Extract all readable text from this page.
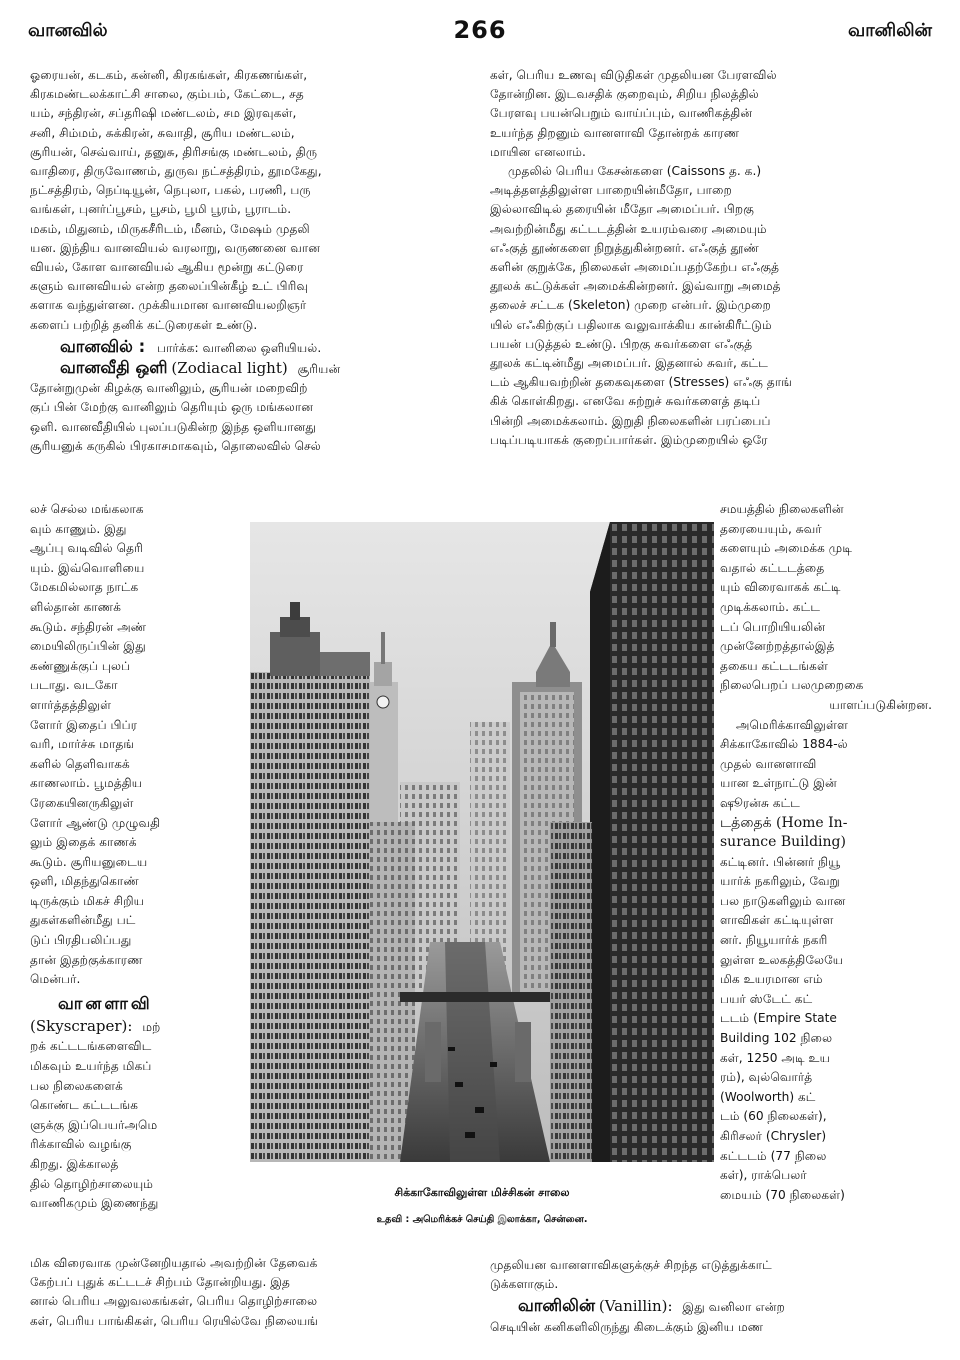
வானவில்	266	வானிலின்
ஓரையன், கடகம், கன்னி, கிரகங்கள், கிரகணங்கள்,
கிரகமண்டலக்காட்சி சாலை, கும்பம், கேட்டை, சத
யம், சந்திரன், சப்தரிஷி மண்டலம், சம இரவுகள்,
சனி, சிம்மம், சுக்கிரன், சுவாதி, சூரிய மண்டலம்,
சூரியன், செவ்வாய், தனுசு, திரிசங்கு மண்டலம், திரு
வாதிரை, திருவோணம், துருவ நட்சத்திரம், தூமகேது,
நட்சத்திரம், நெப்டியூன், நெபுலா, பகல், பரணி, பரு
வங்கள், புனர்ப்பூசம், பூசம், பூமி பூரம், பூராடம்.
மகம், மிதுனம், மிருகசீரிடம், மீனம், மேஷம் முதலி
யன. இந்திய வானவியல் வரலாறு, வருணனை வான
வியல், கோள வானவியல் ஆகிய மூன்று கட்டுரை
களும் வானவியல் என்ற தலைப்பின்கீழ் உட் பிரிவு
களாக வந்துள்ளன. முக்கியமான வானவியலறிஞர்
களைப் பற்றித் தனிக் கட்டுரைகள் உண்டு.
வானவில் : பார்க்க: வானிலை ஒளியியல்.
வானவீதி ஒளி (Zodiacal light) சூரியன்
தோன்றுமுன் கிழக்கு வானிலும், சூரியன் மறைவிற்
குப் பின் மேற்கு வானிலும் தெரியும் ஒரு மங்கலான
ஒளி. வானவீதியில் புலப்படுகின்ற இந்த ஒளியானது
சூரியனுக் கருகில் பிரகாசமாகவும், தொலைவில் செல்
லச் செல்ல மங்கலாக
வும் காணும். இது
ஆப்பு வடிவில் தெரி
யும். இவ்வொளியை
மேகமில்லாத நாட்க
ளில்தான் காணக்
கூடும். சந்திரன் அண்
மையிலிருப்பின் இது
கண்ணுக்குப் புலப்
படாது. வடகோ
ளார்த்தத்திலுள்
ளோர் இதைப் பிப்ர
வரி, மார்ச்சு மாதங்
களில் தெளிவாகக்
காணலாம். பூமத்திய
ரேகையினருகிலுள்
ளோர் ஆண்டு முழுவதி
லும் இதைக் காணக்
கூடும். சூரியனுடைய
ஒளி, மிதந்துகொண்
டிருக்கும் மிகச் சிறிய
துகள்களின்மீது பட்
டுப் பிரதிபலிப்பது
தான் இதற்குக்காரண
மென்பர்.
வானளாவி
(Skyscraper): மற்
றக் கட்டடங்களைவிட
மிகவும் உயர்ந்த மிகப்
பல நிலைகளைக்
கொண்ட கட்டடங்க
ளுக்கு இப்பெயர்அமெ
ரிக்காவில் வழங்கு
கிறது. இக்காலத்
தில் தொழிற்சாலையும்
வாணிகமும் இணைந்து
மிக விரைவாக முன்னேறியதால் அவற்றின் தேவைக்
கேற்பப் புதுக் கட்டடச் சிற்பம் தோன்றியது. இத
னால் பெரிய அலுவலகங்கள், பெரிய தொழிற்சாலை
கள், பெரிய பாங்கிகள், பெரிய ரெயில்வே நிலையங்
கள், பெரிய உணவு விடுதிகள் முதலியன பேரளவில்
தோன்றின. இடவசதிக் குறைவும், சிறிய நிலத்தில்
பேரளவு பயன்பெறும் வாய்ப்பும், வாணிகத்தின்
உயர்ந்த திறனும் வானளாவி தோன்றக் காரண
மாயின எனலாம்.
முதலில் பெரிய கேசன்களை (Caissons த. க.)
அடித்தளத்திலுள்ள பாறையின்மீதோ, பாறை
இல்லாவிடில் தரையின் மீதோ அமைப்பர். பிறகு
அவற்றின்மீது கட்டடத்தின் உயரம்வரை அமையும்
எஃகுத் தூண்களை நிறுத்துகின்றனர். எஃகுத் தூண்
களின் குறுக்கே, நிலைகள் அமைப்பதற்கேற்ப எஃகுத்
தூலக் கட்டுக்கள் அமைக்கின்றனர். இவ்வாறு அமைத்
தலைச் சட்டக (Skeleton) முறை என்பர். இம்முறை
யில் எஃகிற்குப் பதிலாக வலுவாக்கிய கான்கிரீட்டும்
பயன் படுத்தல் உண்டு. பிறகு சுவர்களை எஃகுத்
தூலக் கட்டின்மீது அமைப்பர். இதனால் சுவர், கட்ட
டம் ஆகியவற்றின் தகைவுகளை (Stresses) எஃகு தாங்
கிக் கொள்கிறது. எனவே சுற்றுச் சுவர்களைத் தடிப்
பின்றி அமைக்கலாம். இறுதி நிலைகளின் பரப்பைப்
படிப்படியாகக் குறைப்பார்கள். இம்முறையில் ஒரே
சமயத்தில் நிலைகளின்
தரையையும், சுவர்
களையும் அமைக்க முடி
வதால் கட்டடத்தை
யும் விரைவாகக் கட்டி
முடிக்கலாம். கட்ட
டப் பொறியியலின்
முன்னேற்றத்தால்இத்
தகைய கட்டடங்கள்
நிலைபெறப் பலமுறைகை
யாளப்படுகின்றன.
அமெரிக்காவிலுள்ள
சிக்காகோவில் 1884-ல்
முதல் வானளாவி
யான உள்நாட்டு இன்
ஷூரன்சு கட்ட
டத்தைக் (Home In-
surance Building)
கட்டினர். பின்னர் நியூ
யார்க் நகரிலும், வேறு
பல நாடுகளிலும் வான
ளாவிகள் கட்டியுள்ள
னர். நியூயார்க் நகரி
லுள்ள உலகத்திலேயே
மிக உயரமான எம்
பயர் ஸ்டேட் கட்
டடம் (Empire State
Building 102 நிலை
கள், 1250 அடி உய
ரம்), வுல்வொர்த்
(Woolworth) கட்
டம் (60 நிலைகள்),
கிரிசலர் (Chrysler)
கட்டடம் (77 நிலை
கள்), ராக்பெலர்
மையம் (70 நிலைகள்)
முதலியன வானளாவிகளுக்குச் சிறந்த எடுத்துக்காட்
டுக்களாகும்.
வானிலின் (Vanillin): இது வனிலா என்ற
செடியின் கனிகளிலிருந்து கிடைக்கும் இனிய மண
சிக்காகோவிலுள்ள மிச்சிகன் சாலை
உதவி : அமெரிக்கச் செய்தி இலாக்கா, சென்னை.
